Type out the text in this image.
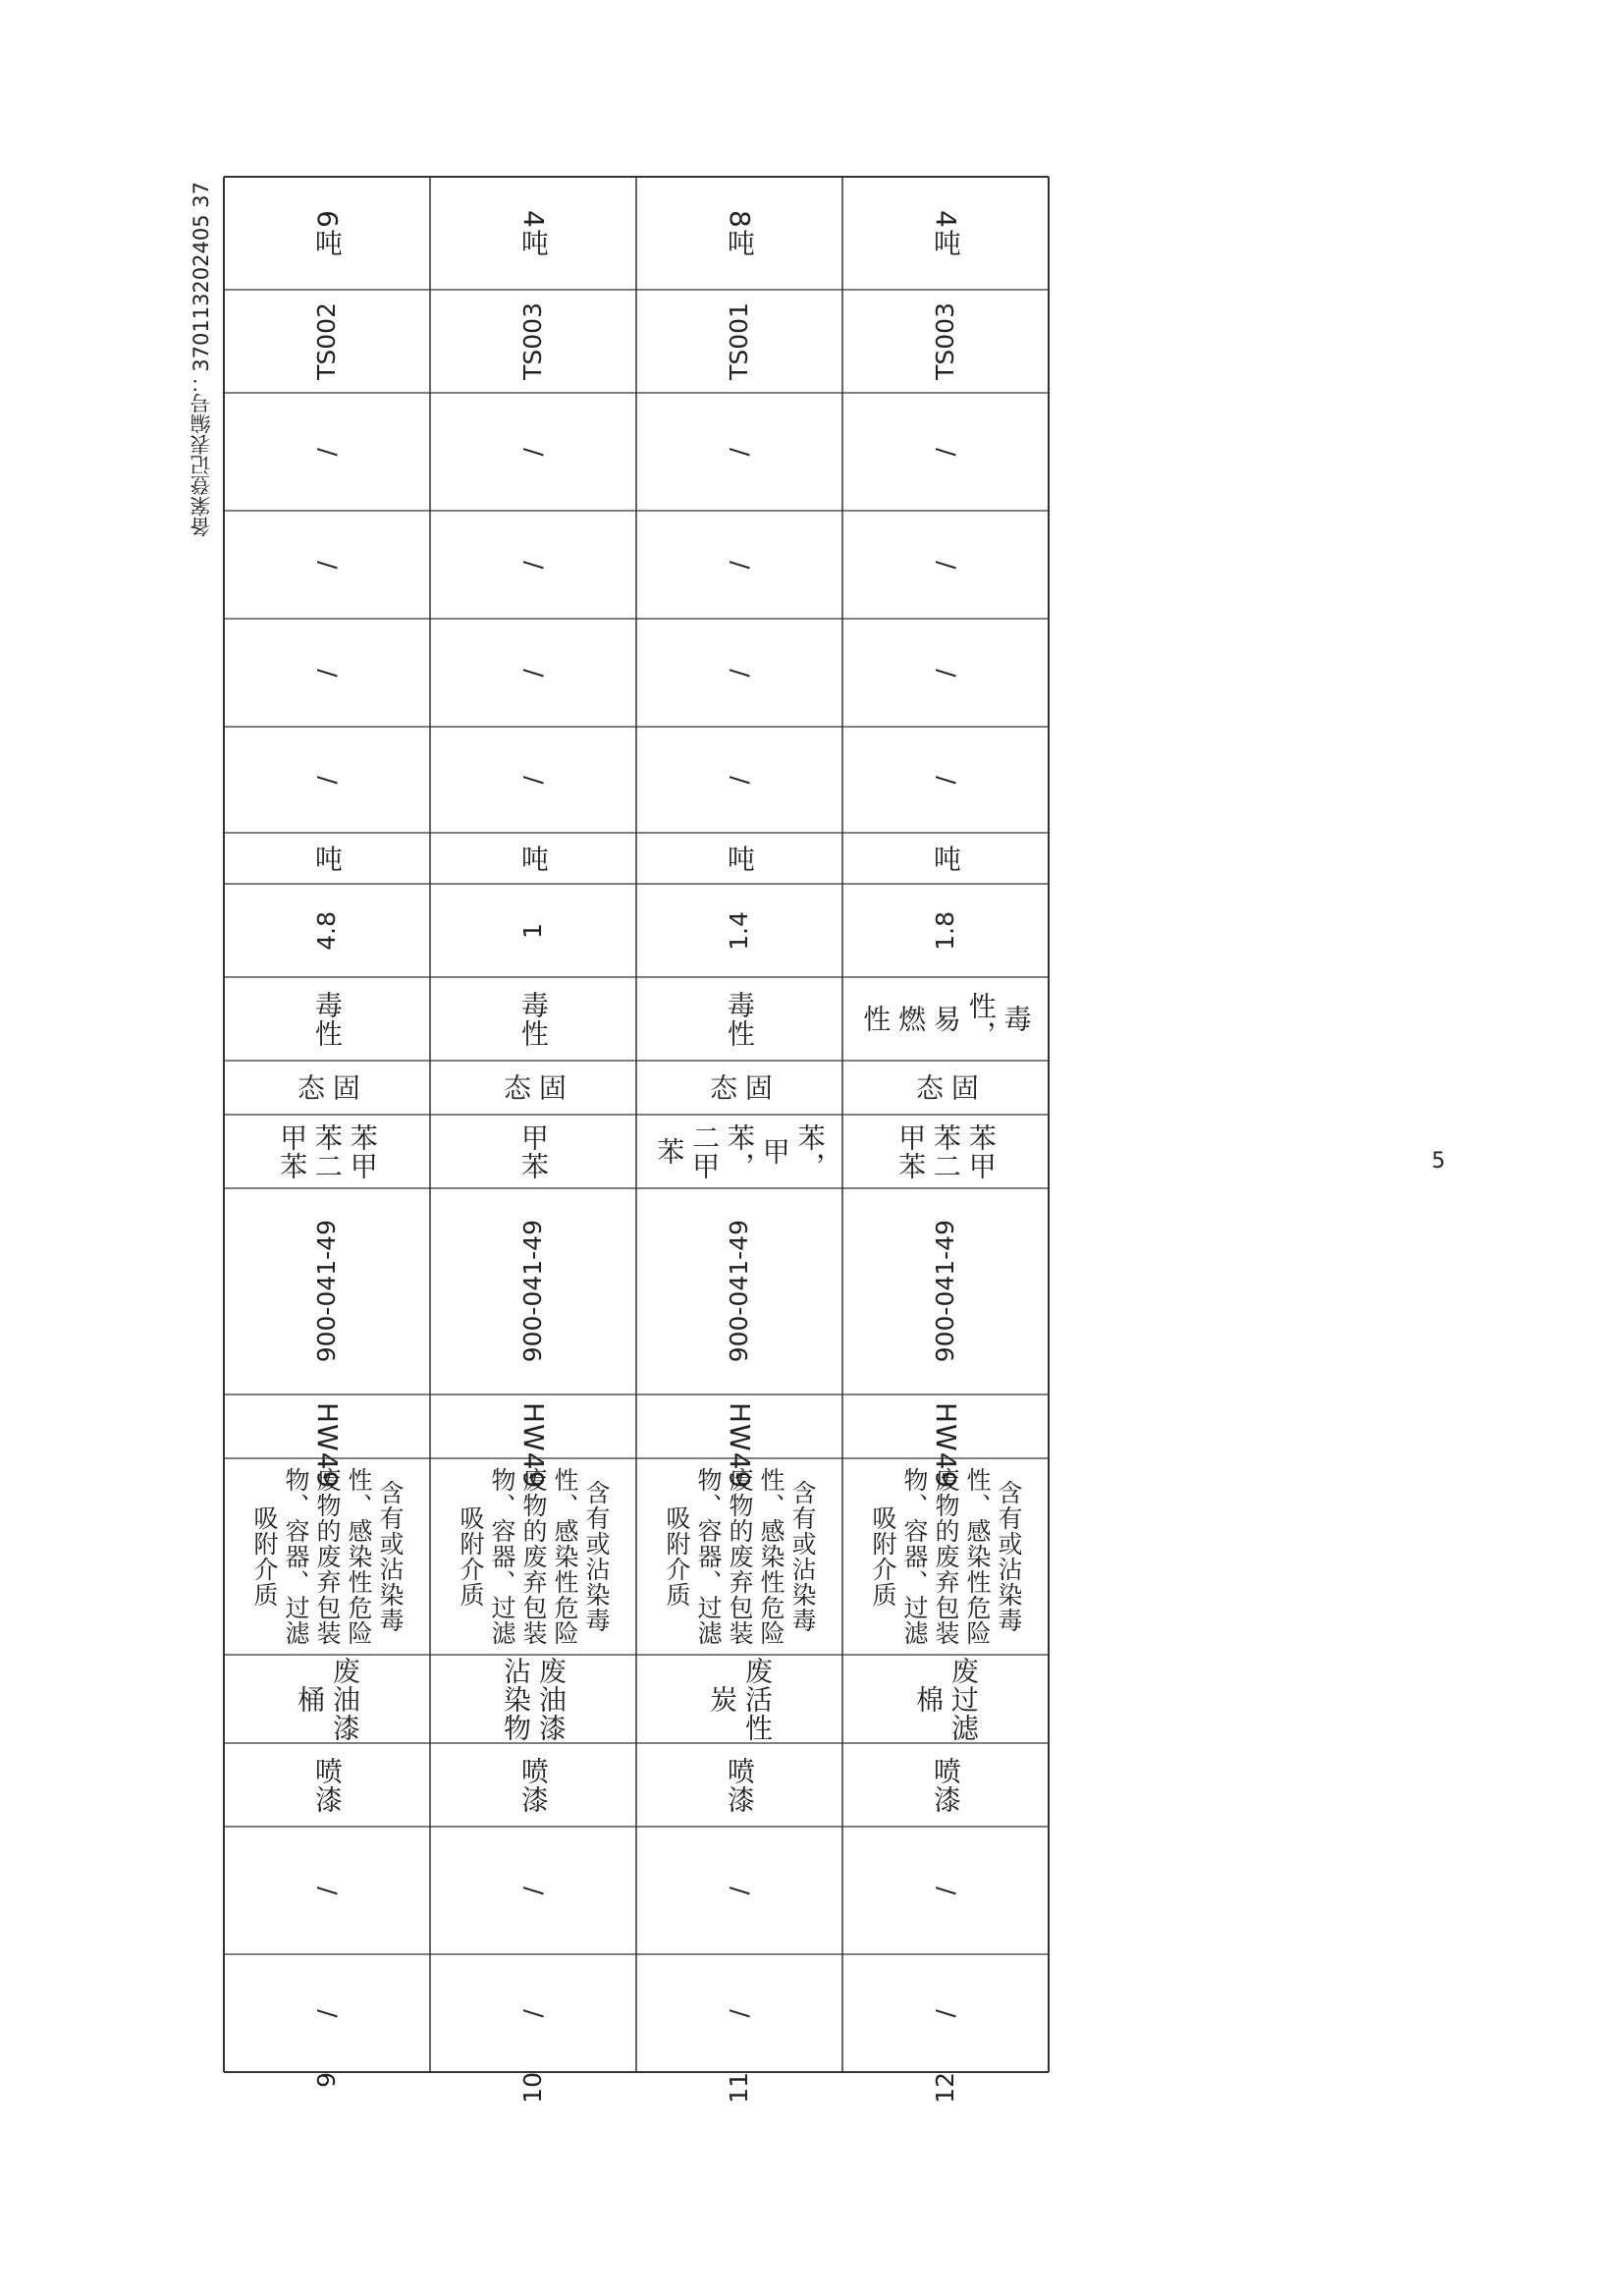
备案登记表编号：370113202405 37
5
6吨
TS002
/
/
/
/
吨
4.8
毒性
固态
苯甲苯二甲苯
900-041-49
HW49
含有或沾染毒性、感染性危险废物的废弃包装物、容器、过滤吸附介质
废油漆桶
喷漆
/
/
9
4吨
TS003
/
/
/
/
吨
1
毒性
固态
甲苯
900-041-49
HW49
含有或沾染毒性、感染性危险废物的废弃包装物、容器、过滤吸附介质
废油漆沾染物
喷漆
/
/
10
8吨
TS001
/
/
/
/
吨
1.4
毒性
固态
苯，甲苯，二甲苯
900-041-49
HW49
含有或沾染毒性、感染性危险废物的废弃包装物、容器、过滤吸附介质
废活性炭
喷漆
/
/
11
4吨
TS003
/
/
/
/
吨
1.8
毒性，易燃性
固态
苯甲苯二甲苯
900-041-49
HW49
含有或沾染毒性、感染性危险废物的废弃包装物、容器、过滤吸附介质
废过滤棉
喷漆
/
/
12
